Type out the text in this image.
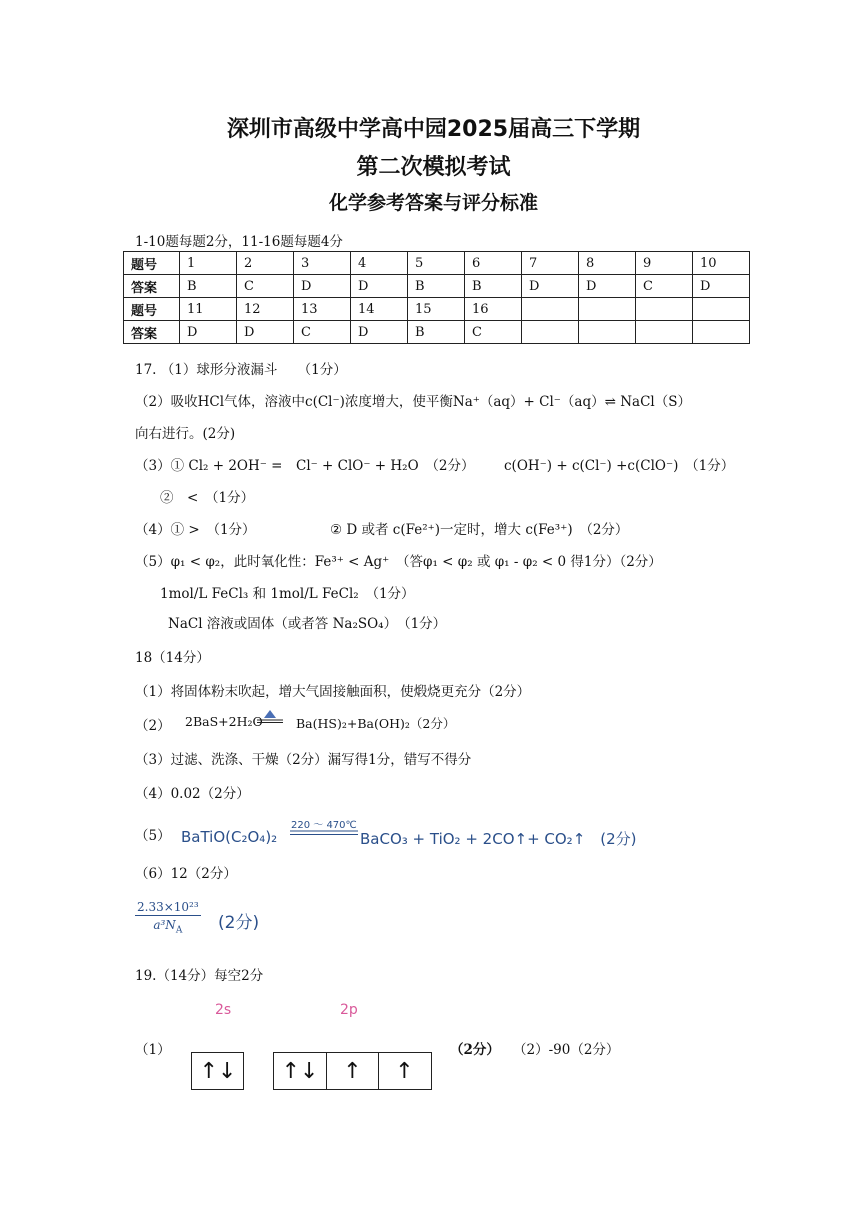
深圳市高级中学高中园2025届高三下学期
第二次模拟考试
化学参考答案与评分标准
1-10题每题2分，11-16题每题4分
题号	1	2	3	4	5	6	7	8	9	10
答案	B	C	D	D	B	B	D	D	C	D
题号	11	12	13	14	15	16				
答案	D	D	C	D	B	C				
17. （1）球形分液漏斗　　（1分）
（2）吸收HCl气体，溶液中c(Cl⁻)浓度增大，使平衡Na⁺（aq）+ Cl⁻（aq）⇌ NaCl（S）
向右进行。(2分)
（3）① Cl₂ + 2OH⁻ =　Cl⁻ + ClO⁻ + H₂O　（2分） c(OH⁻) + c(Cl⁻) +c(ClO⁻)　（1分）
②　<　（1分）
（4）① >　（1分）	② D 或者 c(Fe²⁺)一定时，增大 c(Fe³⁺)　（2分）
（5）φ₁ < φ₂，此时氧化性：Fe³⁺ < Ag⁺　（答φ₁ < φ₂ 或 φ₁ - φ₂ < 0 得1分）（2分）
1mol/L FeCl₃ 和 1mol/L FeCl₂　（1分）
NaCl 溶液或固体（或者答 Na₂SO₄）　（1分）
18（14分）
（1）将固体粉末吹起，增大气固接触面积，使煅烧更充分（2分）
（2） 2BaS+2H₂O	Ba(HS)₂+Ba(OH)₂（2分）
（3）过滤、洗涤、干燥（2分）漏写得1分，错写不得分
（4）0.02（2分）
（5） BaTiO(C₂O₄)₂
220 ～ 470℃
BaCO₃ + TiO₂ + 2CO↑+ CO₂↑　(2分)
（6）12（2分）
$\frac{\text{2.33×10²³}}{a^3N_A} (2$分)
19.（14分）每空2分
2s	2p
（1）
↑↓	↑↓	↑	↑
（2分） （2）-90（2分）
